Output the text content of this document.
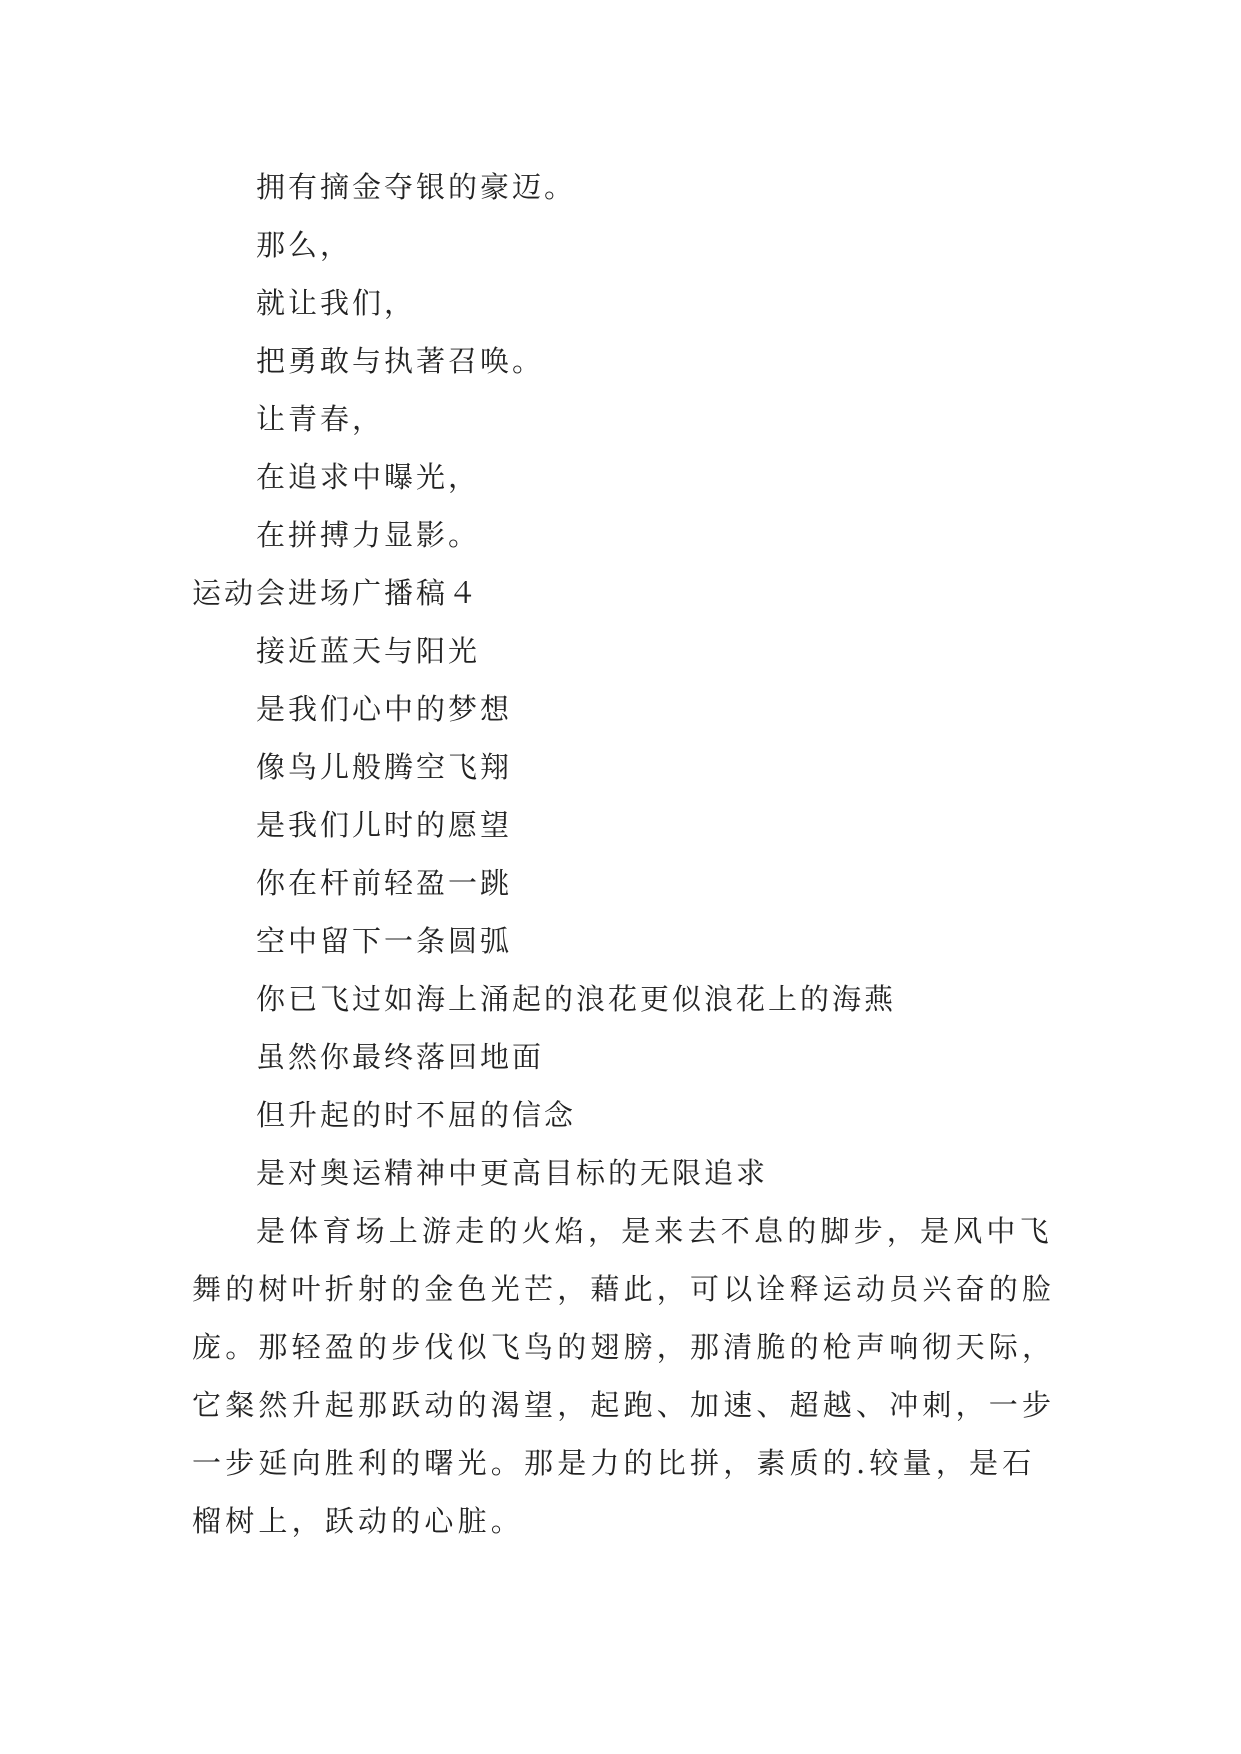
拥有摘金夺银的豪迈。
那么，
就让我们，
把勇敢与执著召唤。
让青春，
在追求中曝光，
在拼搏力显影。
运动会进场广播稿４
接近蓝天与阳光
是我们心中的梦想
像鸟儿般腾空飞翔
是我们儿时的愿望
你在杆前轻盈一跳
空中留下一条圆弧
你已飞过如海上涌起的浪花更似浪花上的海燕
虽然你最终落回地面
但升起的时不屈的信念
是对奥运精神中更高目标的无限追求
是体育场上游走的火焰，是来去不息的脚步，是风中飞
舞的树叶折射的金色光芒，藉此，可以诠释运动员兴奋的脸
庞。那轻盈的步伐似飞鸟的翅膀，那清脆的枪声响彻天际，
它粲然升起那跃动的渴望，起跑、加速、超越、冲刺，一步
一步延向胜利的曙光。那是力的比拼，素质的.较量，是石
榴树上，跃动的心脏。
